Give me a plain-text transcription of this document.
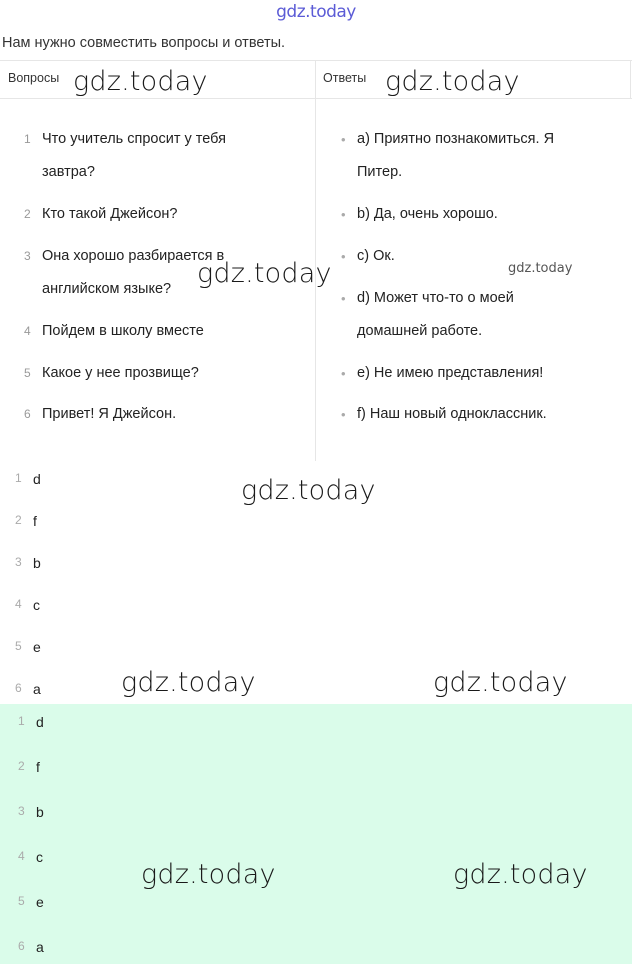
gdz.today
Нам нужно совместить вопросы и ответы.
Вопросы	Ответы
1 Что учитель спросит у тебя
завтра?
2 Кто такой Джейсон?
3 Она хорошо разбирается в
английском языке?
4 Пойдем в школу вместе
5 Какое у нее прозвище?
6 Привет! Я Джейсон.
• a) Приятно познакомиться. Я
Питер.
• b) Да, очень хорошо.
• c) Ок.
• d) Может что-то о моей
домашней работе.
• e) Не имею представления!
• f) Наш новый одноклассник.
1 d
2 f
3 b
4 c
5 e
6 a
1 d
2 f
3 b
4 c
5 e
6 a
gdz.today	gdz.today
gdz.today	gdz.today
gdz.today
gdz.today	gdz.today
gdz.today	gdz.today
